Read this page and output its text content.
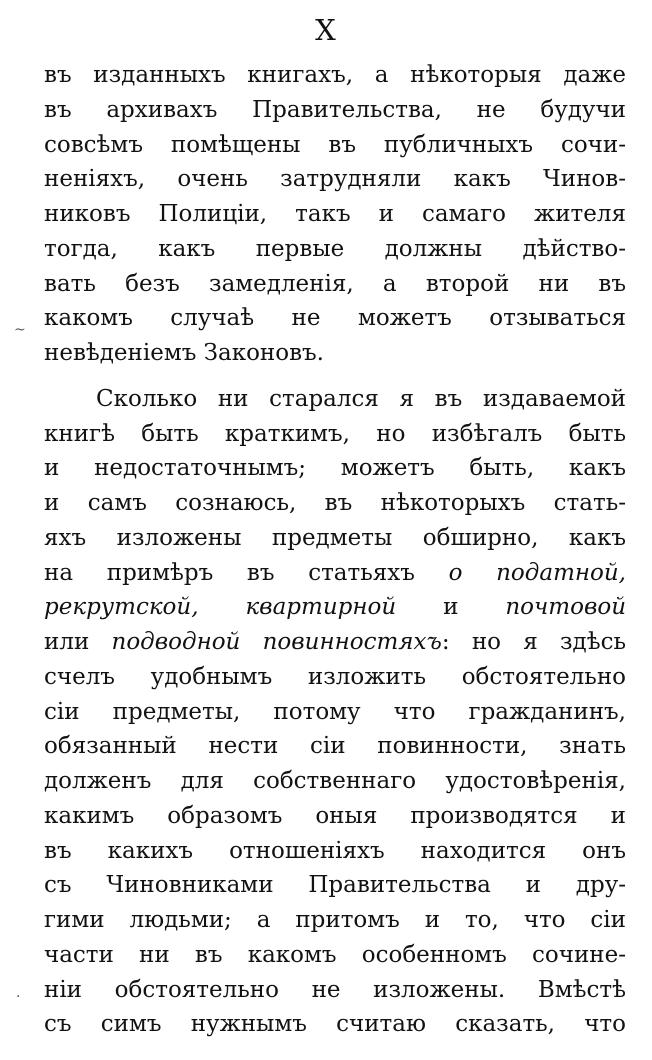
X
~
·
въ изданныхъ книгахъ, а нѣкоторыя даже
въ архивахъ Правительства, не будучи
совсѣмъ помѣщены въ публичныхъ сочи-
неніяхъ, очень затрудняли какъ Чинов-
никовъ Полиціи, такъ и самаго жителя
тогда, какъ первые должны дѣйство-
вать безъ замедленія, а второй ни въ
какомъ случаѣ не можетъ отзываться
невѣденіемъ Законовъ.
Сколько ни старался я въ издаваемой
книгѣ быть краткимъ, но избѣгалъ быть
и недостаточнымъ; можетъ быть, какъ
и самъ сознаюсь, въ нѣкоторыхъ стать-
яхъ изложены предметы обширно, какъ
на примѣръ въ статьяхъ о податной,
рекрутской, квартирной и почтовой
или подводной повинностяхъ: но я здѣсь
счелъ удобнымъ изложить обстоятельно
сіи предметы, потому что гражданинъ,
обязанный нести сіи повинности, знать
долженъ для собственнаго удостовѣренія,
какимъ образомъ оныя производятся и
въ какихъ отношеніяхъ находится онъ
съ Чиновниками Правительства и дру-
гими людьми; а притомъ и то, что сіи
части ни въ какомъ особенномъ сочине-
ніи обстоятельно не изложены. Вмѣстѣ
съ симъ нужнымъ считаю сказать, что
